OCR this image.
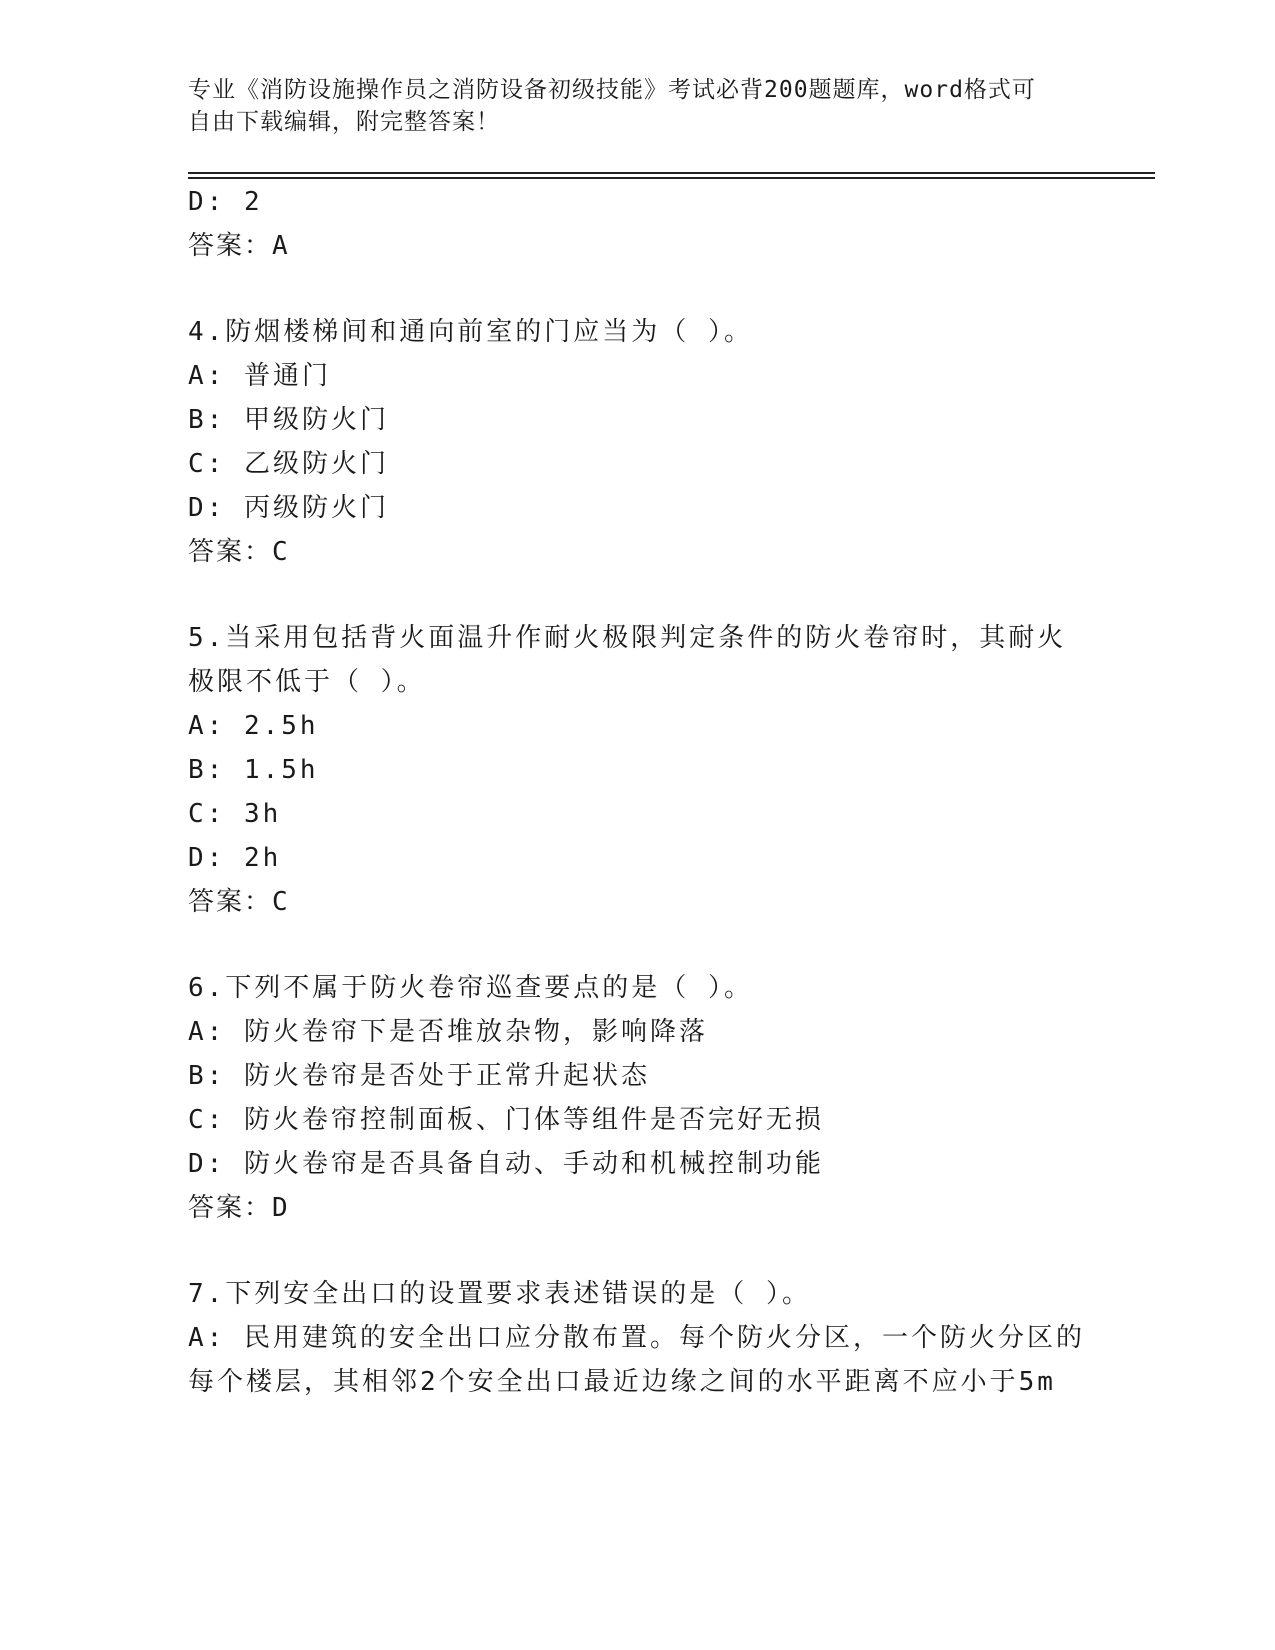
专业《消防设施操作员之消防设备初级技能》考试必背200题题库，word格式可
自由下载编辑，附完整答案！
D: 2
答案：A
4.防烟楼梯间和通向前室的门应当为（ ）。
A: 普通门
B: 甲级防火门
C: 乙级防火门
D: 丙级防火门
答案：C
5.当采用包括背火面温升作耐火极限判定条件的防火卷帘时，其耐火
极限不低于（ ）。
A: 2.5h
B: 1.5h
C: 3h
D: 2h
答案：C
6.下列不属于防火卷帘巡查要点的是（ ）。
A: 防火卷帘下是否堆放杂物，影响降落
B: 防火卷帘是否处于正常升起状态
C: 防火卷帘控制面板、门体等组件是否完好无损
D: 防火卷帘是否具备自动、手动和机械控制功能
答案：D
7.下列安全出口的设置要求表述错误的是（ ）。
A: 民用建筑的安全出口应分散布置。每个防火分区，一个防火分区的
每个楼层，其相邻2个安全出口最近边缘之间的水平距离不应小于5m
